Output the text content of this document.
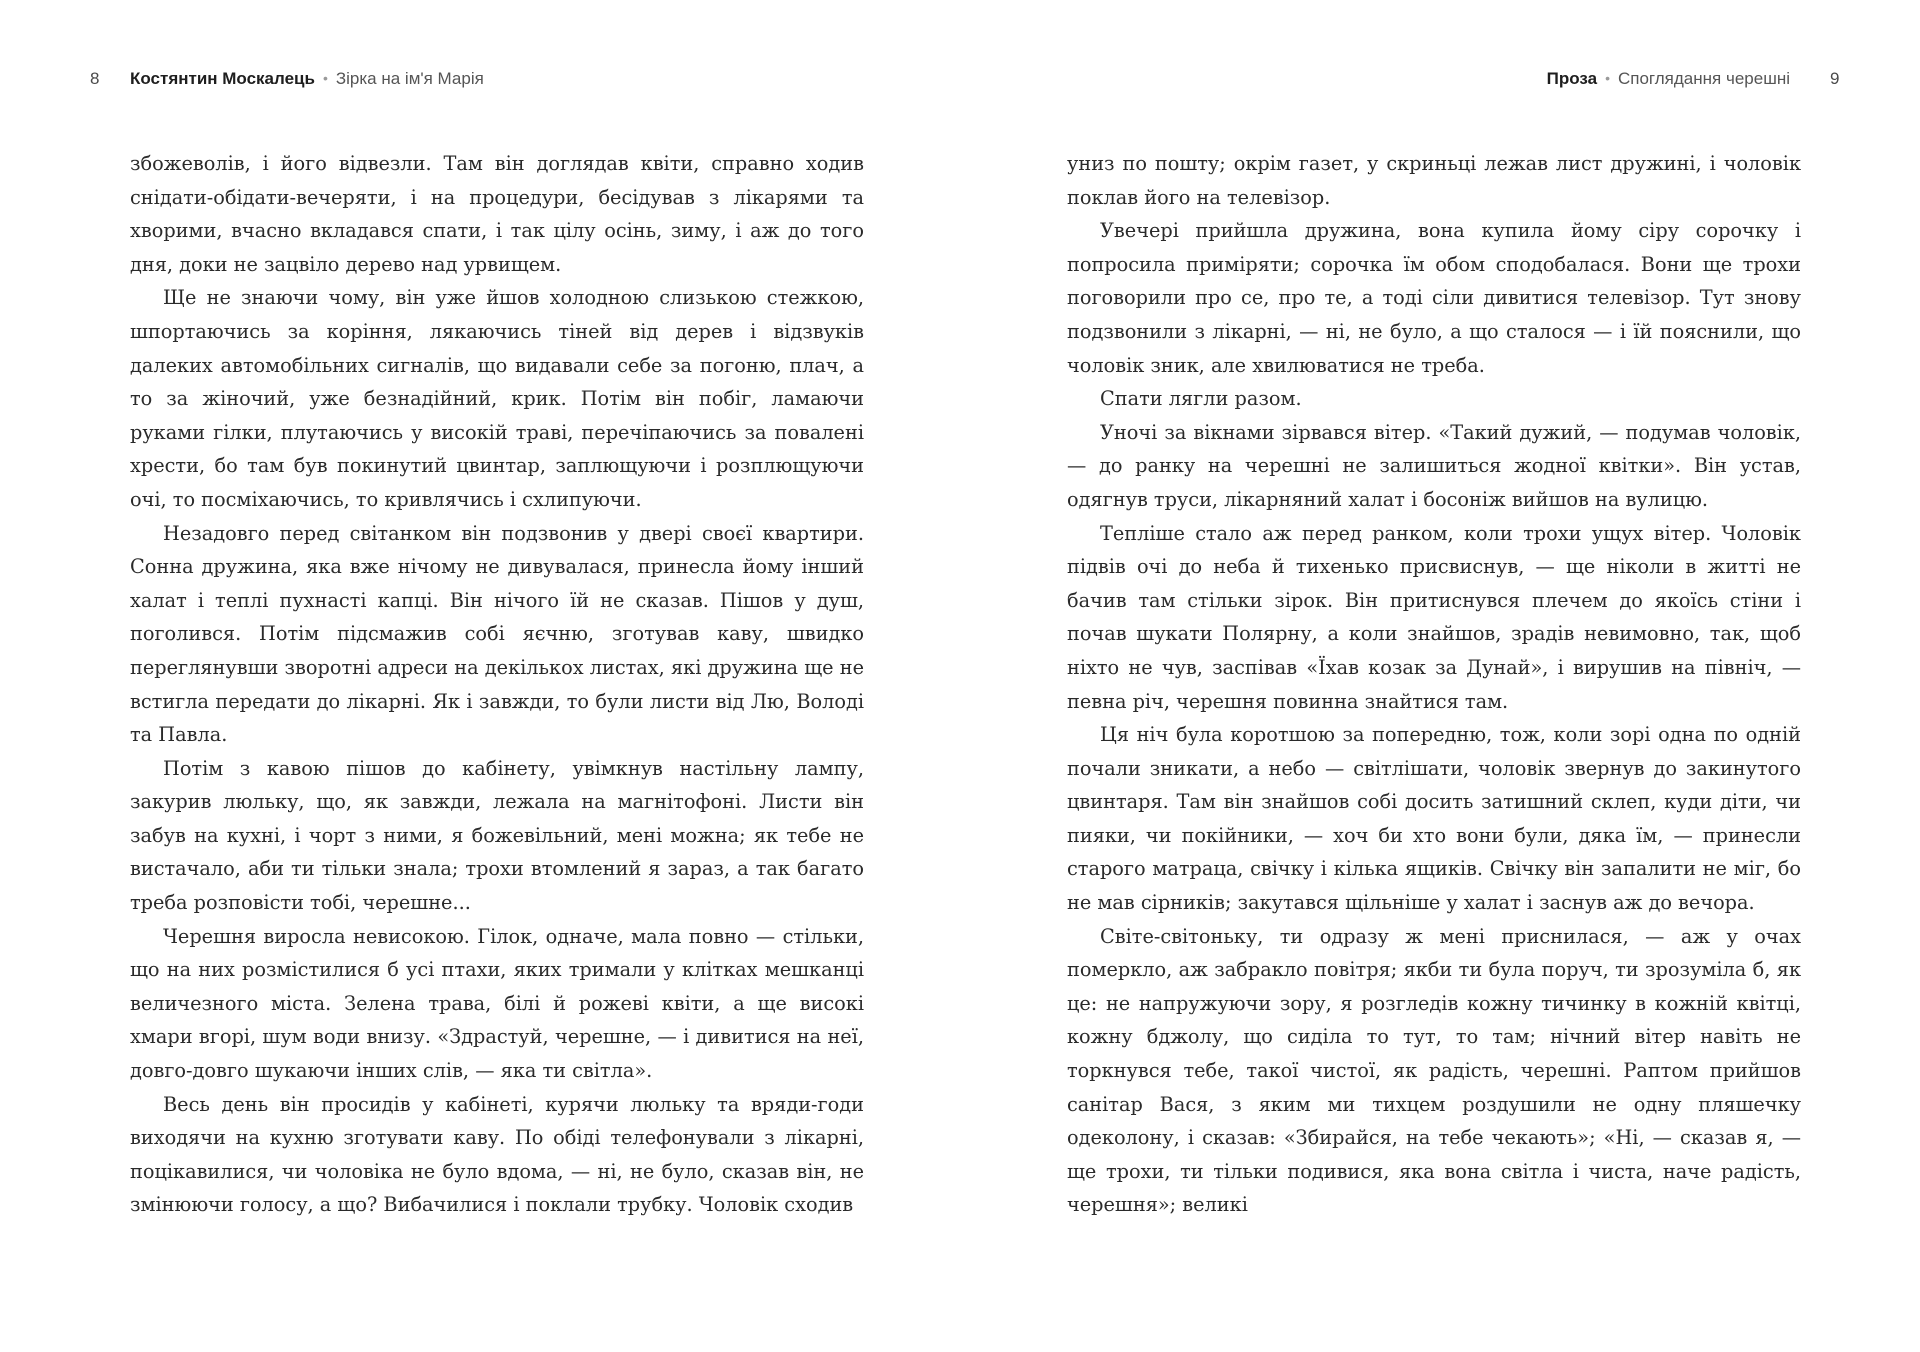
8 Костянтин Москалець • Зірка на ім'я Марія

збожеволів, і його відвезли. Там він доглядав квіти, справно ходив снідати-обідати-вечеряти, і на процедури, бесідував з лікарями та хворими, вчасно вкладався спати, і так цілу осінь, зиму, і аж до того дня, доки не зацвіло дерево над урвищем.

Ще не знаючи чому, він уже йшов холодною слизькою стежкою, шпортаючись за коріння, лякаючись тіней від дерев і відзвуків далеких автомобільних сигналів, що видавали себе за погоню, плач, а то за жіночий, уже безнадійний, крик. Потім він побіг, ламаючи руками гілки, плутаючись у високій траві, перечіпаючись за повалені хрести, бо там був покинутий цвинтар, заплющуючи і розплющуючи очі, то посміхаючись, то кривлячись і схлипуючи.

Незадовго перед світанком він подзвонив у двері своєї квартири. Сонна дружина, яка вже нічому не дивувалася, принесла йому інший халат і теплі пухнасті капці. Він нічого їй не сказав. Пішов у душ, поголився. Потім підсмажив собі яєчню, зготував каву, швидко переглянувши зворотні адреси на декількох листах, які дружина ще не встигла передати до лікарні. Як і завжди, то були листи від Лю, Володі та Павла.

Потім з кавою пішов до кабінету, увімкнув настільну лампу, закурив люльку, що, як завжди, лежала на магнітофоні. Листи він забув на кухні, і чорт з ними, я божевільний, мені можна; як тебе не вистачало, аби ти тільки знала; трохи втомлений я зараз, а так багато треба розповісти тобі, черешне...

Черешня виросла невисокою. Гілок, одначе, мала повно — стільки, що на них розмістилися б усі птахи, яких тримали у клітках мешканці величезного міста. Зелена трава, білі й рожеві квіти, а ще високі хмари вгорі, шум води внизу. «Здрастуй, черешне, — і дивитися на неї, довго-довго шукаючи інших слів, — яка ти світла».

Весь день він просидів у кабінеті, курячи люльку та вряди-годи виходячи на кухню зготувати каву. По обіді телефонували з лікарні, поцікавилися, чи чоловіка не було вдома, — ні, не було, сказав він, не змінюючи голосу, а що? Вибачилися і поклали трубку. Чоловік сходив

Проза • Споглядання черешні 9

униз по пошту; окрім газет, у скриньці лежав лист дружині, і чоловік поклав його на телевізор.

Увечері прийшла дружина, вона купила йому сіру сорочку і попросила приміряти; сорочка їм обом сподобалася. Вони ще трохи поговорили про се, про те, а тоді сіли дивитися телевізор. Тут знову подзвонили з лікарні, — ні, не було, а що сталося — і їй пояснили, що чоловік зник, але хвилюватися не треба.

Спати лягли разом.

Уночі за вікнами зірвався вітер. «Такий дужий, — подумав чоловік, — до ранку на черешні не залишиться жодної квітки». Він устав, одягнув труси, лікарняний халат і босоніж вийшов на вулицю.

Тепліше стало аж перед ранком, коли трохи ущух вітер. Чоловік підвів очі до неба й тихенько присвиснув, — ще ніколи в житті не бачив там стільки зірок. Він притиснувся плечем до якоїсь стіни і почав шукати Полярну, а коли знайшов, зрадів невимовно, так, щоб ніхто не чув, заспівав «Їхав козак за Дунай», і вирушив на північ, — певна річ, черешня повинна знайтися там.

Ця ніч була коротшою за попередню, тож, коли зорі одна по одній почали зникати, а небо — світлішати, чоловік звернув до закинутого цвинтаря. Там він знайшов собі досить затишний склеп, куди діти, чи пияки, чи покійники, — хоч би хто вони були, дяка їм, — принесли старого матраца, свічку і кілька ящиків. Свічку він запалити не міг, бо не мав сірників; закутався щільніше у халат і заснув аж до вечора.

Світе-світоньку, ти одразу ж мені приснилася, — аж у очах померкло, аж забракло повітря; якби ти була поруч, ти зрозуміла б, як це: не напружуючи зору, я розгледів кожну тичинку в кожній квітці, кожну бджолу, що сиділа то тут, то там; нічний вітер навіть не торкнувся тебе, такої чистої, як радість, черешні. Раптом прийшов санітар Вася, з яким ми тихцем роздушили не одну пляшечку одеколону, і сказав: «Збирайся, на тебе чекають»; «Ні, — сказав я, — ще трохи, ти тільки подивися, яка вона світла і чиста, наче радість, черешня»; великі
